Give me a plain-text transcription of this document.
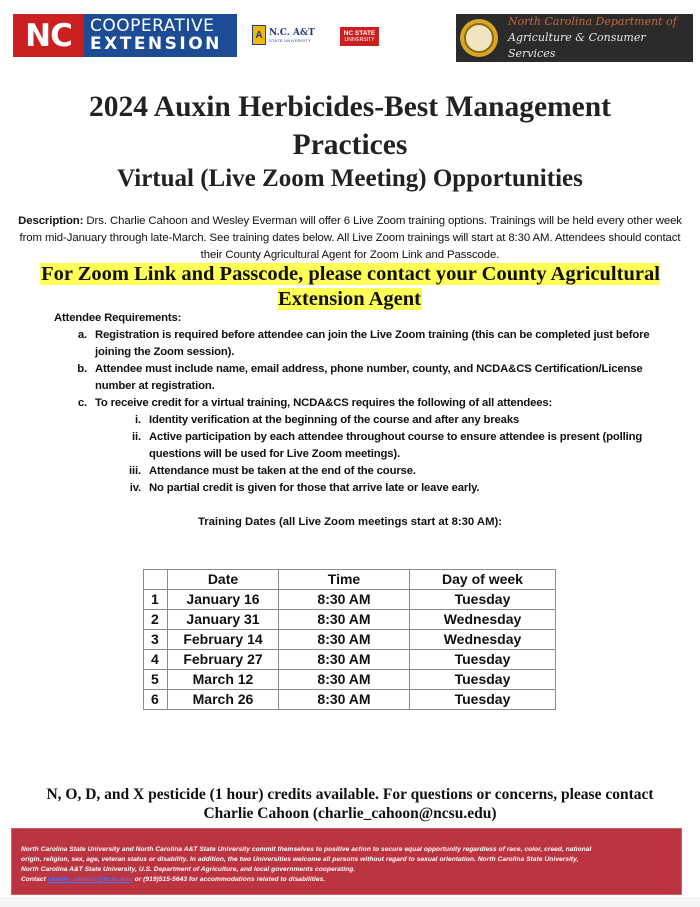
NC	COOPERATIVE
EXTENSION	A N.C. A&T
STATE UNIVERSITY
NC STATE
UNIVERSITY
North Carolina Department of
Agriculture & Consumer Services
2024 Auxin Herbicides-Best Management Practices
Virtual (Live Zoom Meeting) Opportunities
Description: Drs. Charlie Cahoon and Wesley Everman will offer 6 Live Zoom training options. Trainings will be held every other week from mid-January through late-March. See training dates below. All Live Zoom trainings will start at 8:30 AM. Attendees should contact their County Agricultural Agent for Zoom Link and Passcode.
For Zoom Link and Passcode, please contact your County Agricultural Extension Agent
Attendee Requirements:
a. Registration is required before attendee can join the Live Zoom training (this can be completed just before joining the Zoom session).
b. Attendee must include name, email address, phone number, county, and NCDA&CS Certification/License number at registration.
c. To receive credit for a virtual training, NCDA&CS requires the following of all attendees:
i. Identity verification at the beginning of the course and after any breaks
ii. Active participation by each attendee throughout course to ensure attendee is present (polling questions will be used for Live Zoom meetings).
iii. Attendance must be taken at the end of the course.
iv. No partial credit is given for those that arrive late or leave early.
Training Dates (all Live Zoom meetings start at 8:30 AM):
	Date	Time	Day of week
1	January 16	8:30 AM	Tuesday
2	January 31	8:30 AM	Wednesday
3	February 14	8:30 AM	Wednesday
4	February 27	8:30 AM	Tuesday
5	March 12	8:30 AM	Tuesday
6	March 26	8:30 AM	Tuesday
N, O, D, and X pesticide (1 hour) credits available. For questions or concerns, please contact
Charlie Cahoon (charlie_cahoon@ncsu.edu)
North Carolina State University and North Carolina A&T State University commit themselves to positive action to secure equal opportunity regardless of race, color, creed, national
origin, religion, sex, age, veteran status or disability. In addition, the two Universities welcome all persons without regard to sexual orientation. North Carolina State University,
North Carolina A&T State University, U.S. Department of Agriculture, and local governments cooperating.
Contact charlie_cahoon@ncsu.edu or (919)515-5643 for accommodations related to disabilities.
